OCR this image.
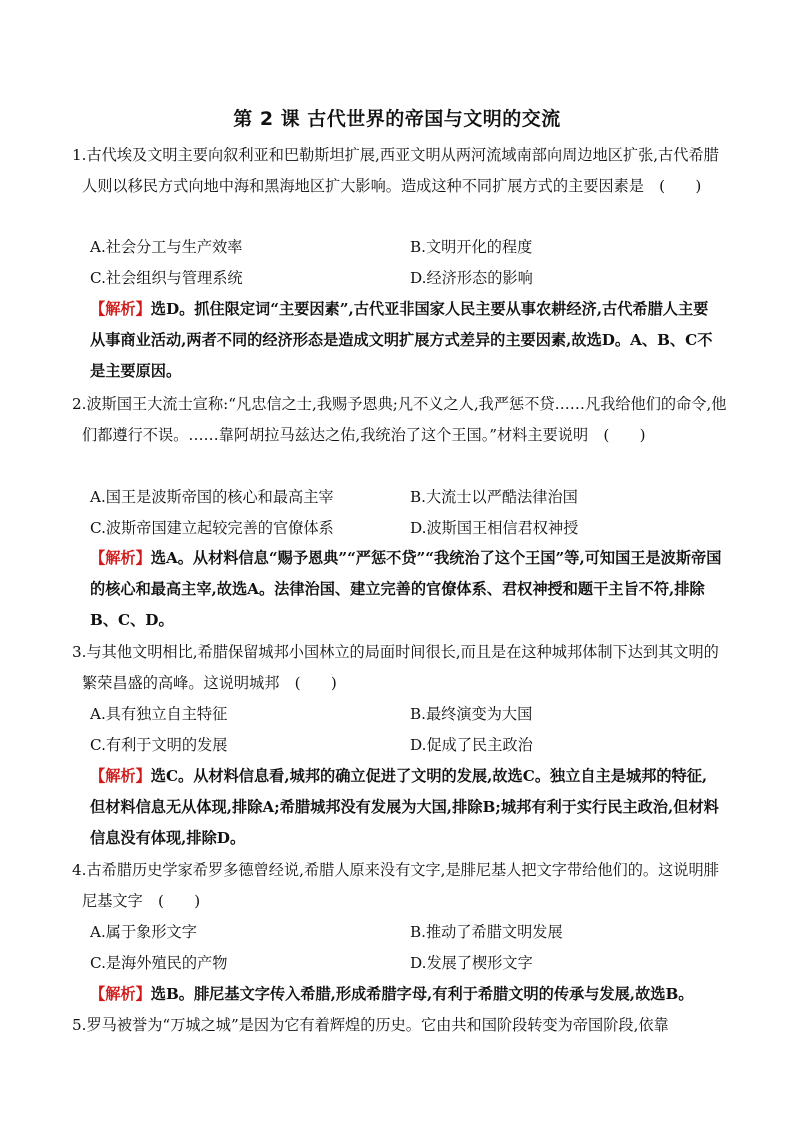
第 2 课 古代世界的帝国与文明的交流

1.古代埃及文明主要向叙利亚和巴勒斯坦扩展,西亚文明从两河流域南部向周边地区扩张,古代希腊人则以移民方式向地中海和黑海地区扩大影响。造成这种不同扩展方式的主要因素是　(　　)

A.社会分工与生产效率	B.文明开化的程度
C.社会组织与管理系统	D.经济形态的影响

【解析】选D。抓住限定词“主要因素”,古代亚非国家人民主要从事农耕经济,古代希腊人主要从事商业活动,两者不同的经济形态是造成文明扩展方式差异的主要因素,故选D。A、B、C不是主要原因。

2.波斯国王大流士宣称:“凡忠信之士,我赐予恩典;凡不义之人,我严惩不贷……凡我给他们的命令,他们都遵行不误。……靠阿胡拉马兹达之佑,我统治了这个王国。”材料主要说明　(　　)

A.国王是波斯帝国的核心和最高主宰	B.大流士以严酷法律治国
C.波斯帝国建立起较完善的官僚体系	D.波斯国王相信君权神授

【解析】选A。从材料信息“赐予恩典”“严惩不贷”“我统治了这个王国”等,可知国王是波斯帝国的核心和最高主宰,故选A。法律治国、建立完善的官僚体系、君权神授和题干主旨不符,排除B、C、D。

3.与其他文明相比,希腊保留城邦小国林立的局面时间很长,而且是在这种城邦体制下达到其文明的繁荣昌盛的高峰。这说明城邦　(　　)

A.具有独立自主特征	B.最终演变为大国
C.有利于文明的发展	D.促成了民主政治

【解析】选C。从材料信息看,城邦的确立促进了文明的发展,故选C。独立自主是城邦的特征,但材料信息无从体现,排除A;希腊城邦没有发展为大国,排除B;城邦有利于实行民主政治,但材料信息没有体现,排除D。

4.古希腊历史学家希罗多德曾经说,希腊人原来没有文字,是腓尼基人把文字带给他们的。这说明腓尼基文字　(　　)

A.属于象形文字	B.推动了希腊文明发展
C.是海外殖民的产物	D.发展了楔形文字

【解析】选B。腓尼基文字传入希腊,形成希腊字母,有利于希腊文明的传承与发展,故选B。

5.罗马被誉为“万城之城”是因为它有着辉煌的历史。它由共和国阶段转变为帝国阶段,依靠
